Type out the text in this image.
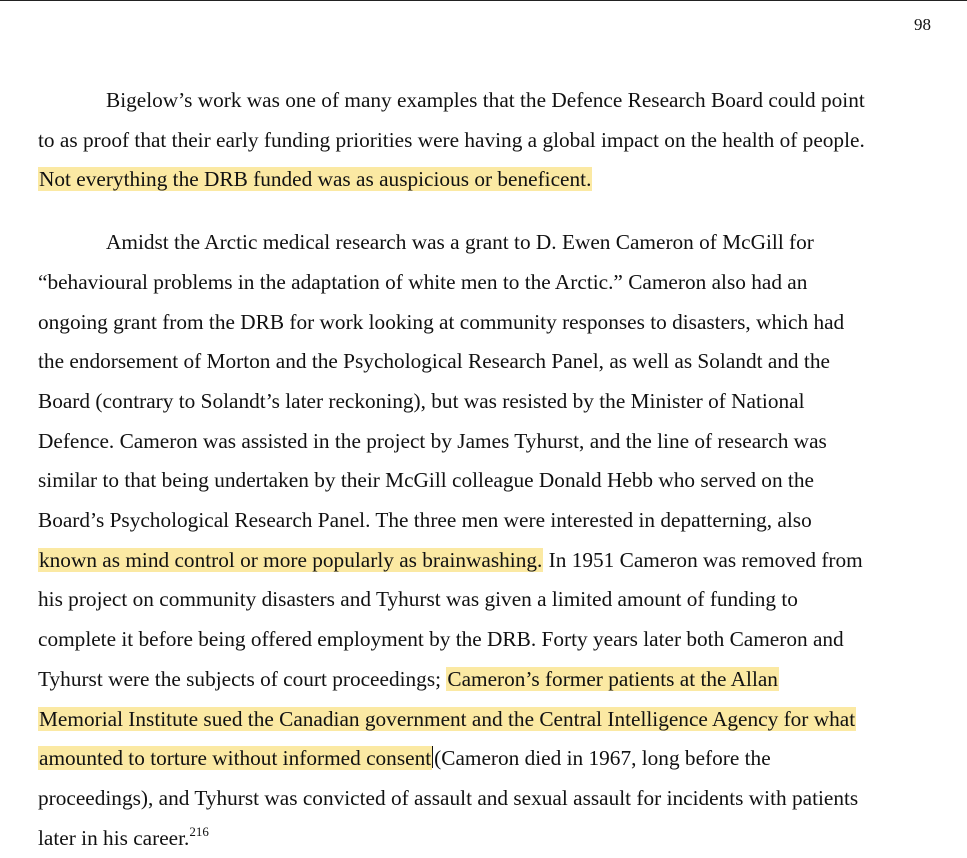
98

Bigelow’s work was one of many examples that the Defence Research Board could point
to as proof that their early funding priorities were having a global impact on the health of people.
Not everything the DRB funded was as auspicious or beneficent.

Amidst the Arctic medical research was a grant to D. Ewen Cameron of McGill for
“behavioural problems in the adaptation of white men to the Arctic.” Cameron also had an
ongoing grant from the DRB for work looking at community responses to disasters, which had
the endorsement of Morton and the Psychological Research Panel, as well as Solandt and the
Board (contrary to Solandt’s later reckoning), but was resisted by the Minister of National
Defence. Cameron was assisted in the project by James Tyhurst, and the line of research was
similar to that being undertaken by their McGill colleague Donald Hebb who served on the
Board’s Psychological Research Panel. The three men were interested in depatterning, also
known as mind control or more popularly as brainwashing. In 1951 Cameron was removed from
his project on community disasters and Tyhurst was given a limited amount of funding to
complete it before being offered employment by the DRB. Forty years later both Cameron and
Tyhurst were the subjects of court proceedings; Cameron’s former patients at the Allan
Memorial Institute sued the Canadian government and the Central Intelligence Agency for what
amounted to torture without informed consent (Cameron died in 1967, long before the
proceedings), and Tyhurst was convicted of assault and sexual assault for incidents with patients
later in his career.$^{216}$
